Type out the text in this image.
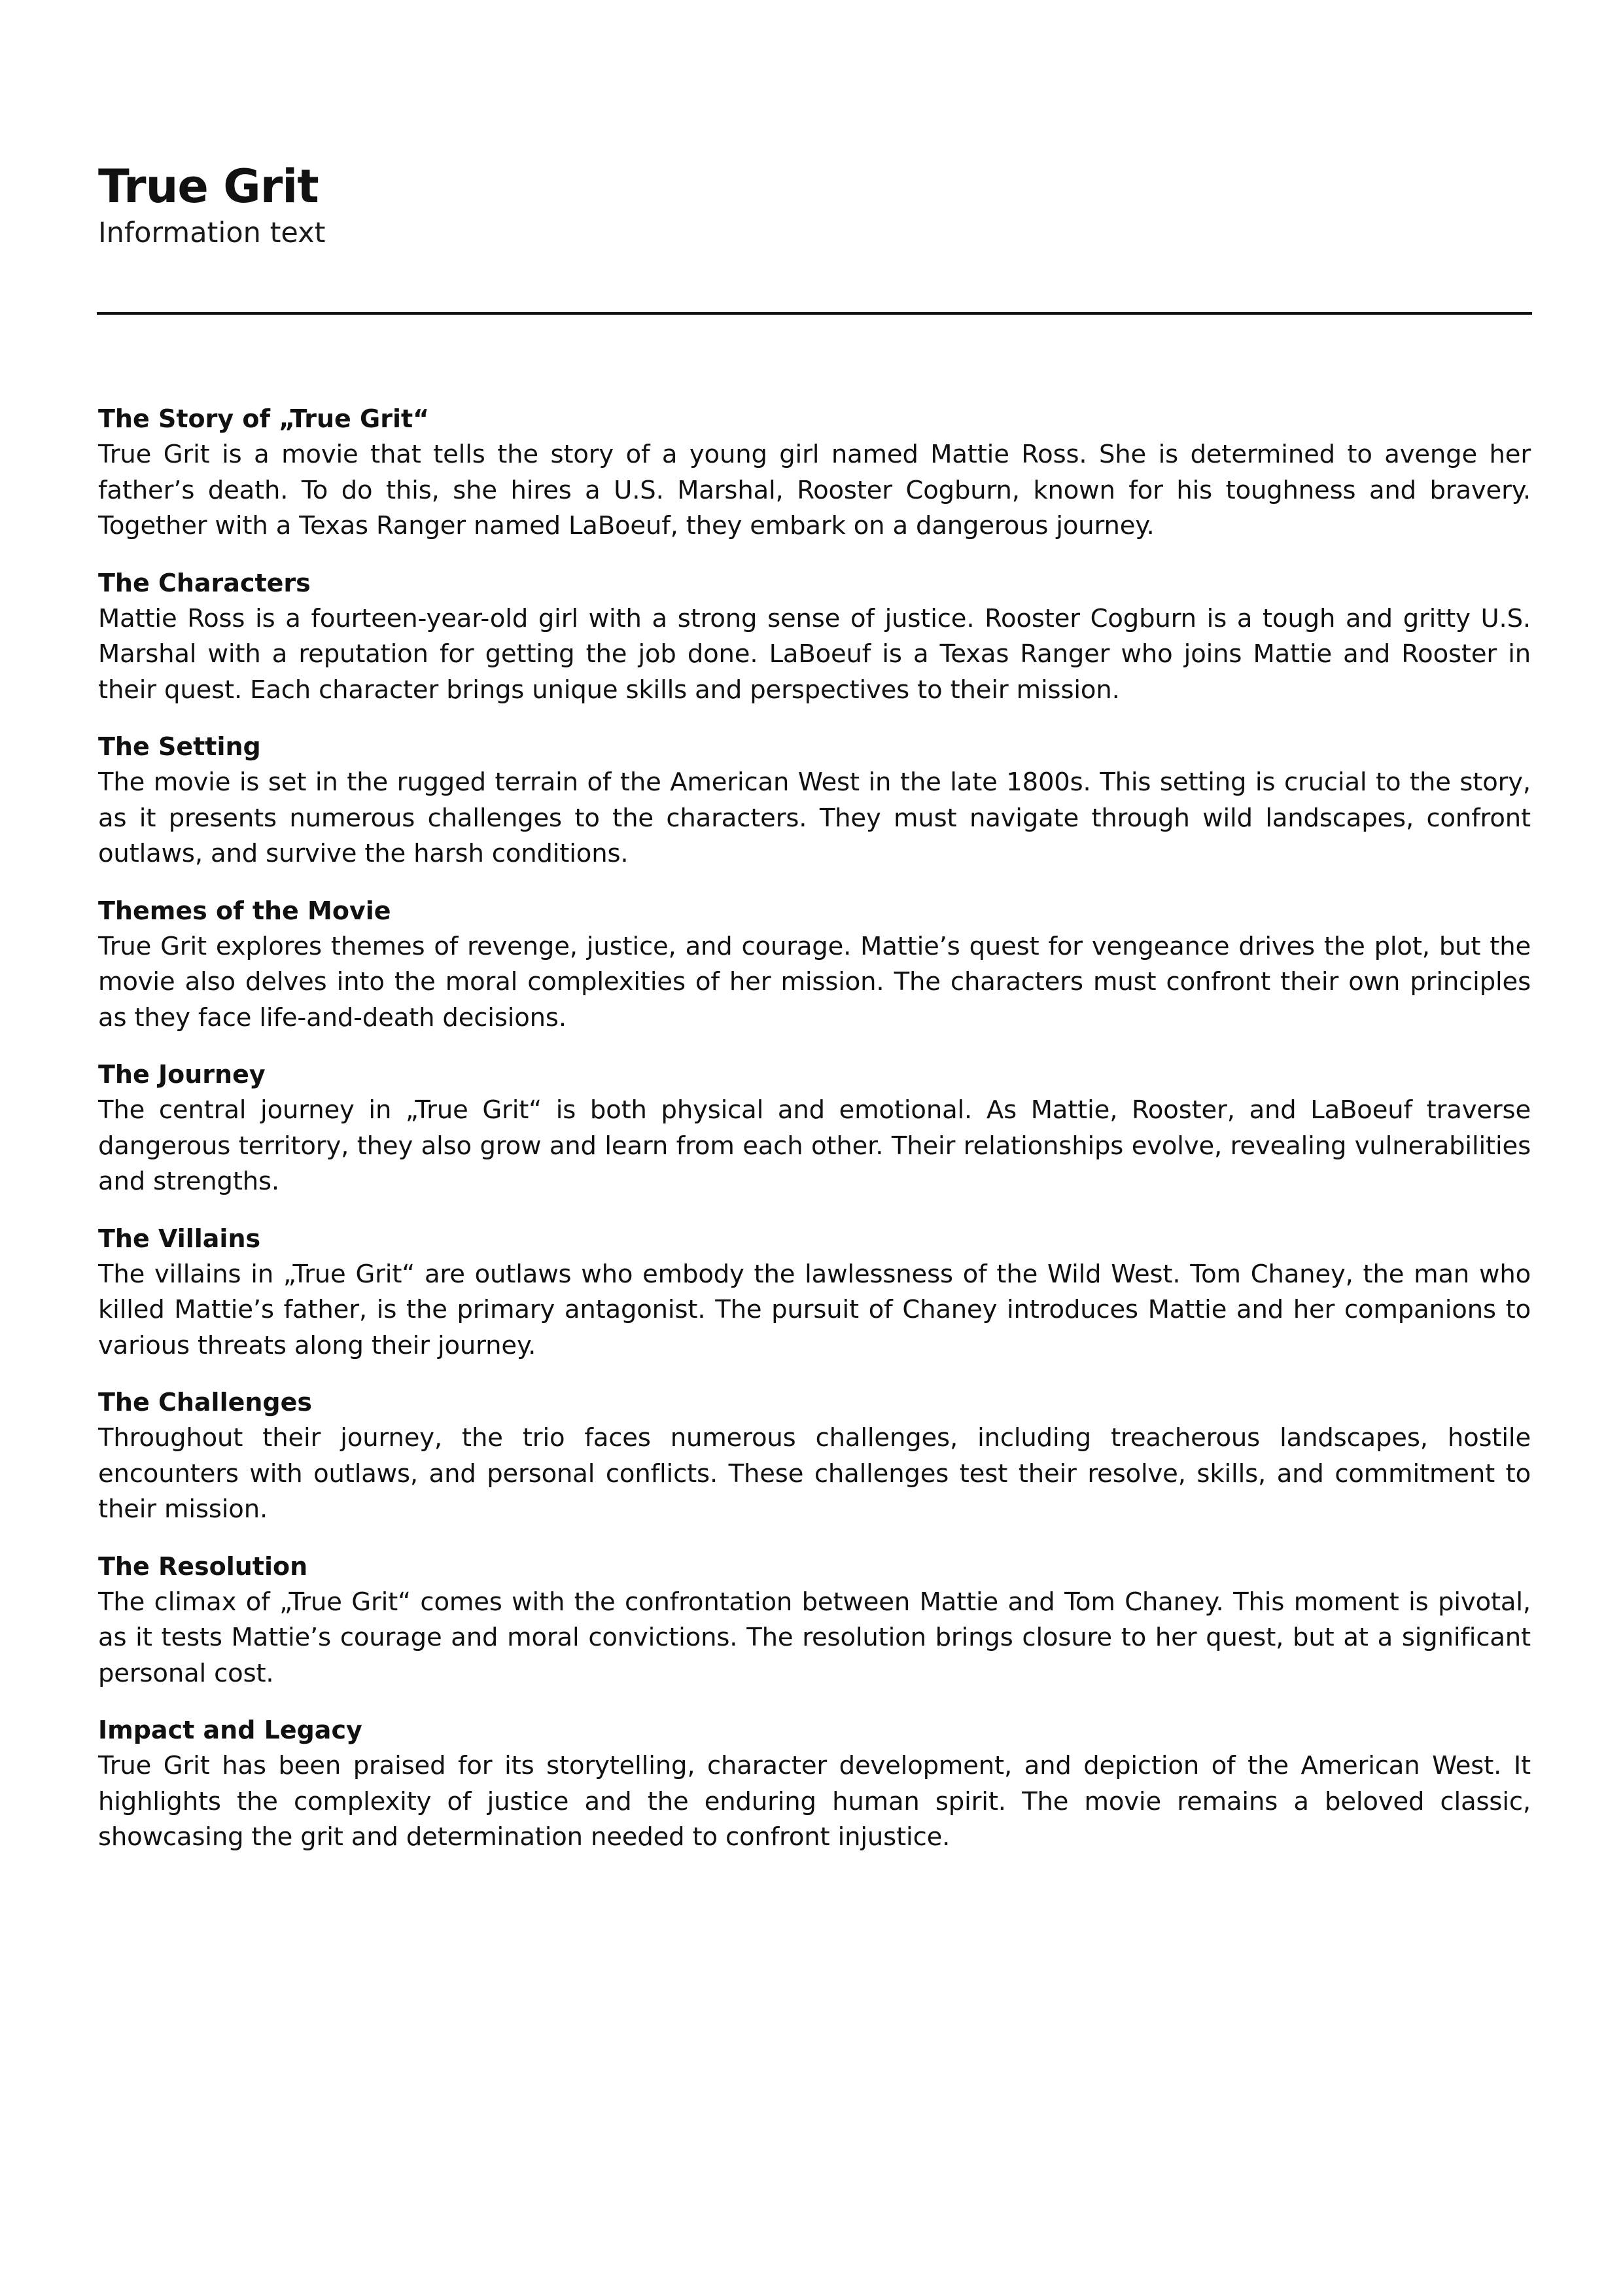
True Grit

Information text

The Story of „True Grit“

True Grit is a movie that tells the story of a young girl named Mattie Ross. She is determined to avenge her father’s death. To do this, she hires a U.S. Marshal, Rooster Cogburn, known for his toughness and bravery. Together with a Texas Ranger named LaBoeuf, they embark on a dangerous journey.

The Characters

Mattie Ross is a fourteen-year-old girl with a strong sense of justice. Rooster Cogburn is a tough and gritty U.S. Marshal with a reputation for getting the job done. LaBoeuf is a Texas Ranger who joins Mattie and Rooster in their quest. Each character brings unique skills and perspectives to their mission.

The Setting

The movie is set in the rugged terrain of the American West in the late 1800s. This setting is crucial to the story, as it presents numerous challenges to the characters. They must navigate through wild landscapes, confront outlaws, and survive the harsh conditions.

Themes of the Movie

True Grit explores themes of revenge, justice, and courage. Mattie’s quest for vengeance drives the plot, but the movie also delves into the moral complexities of her mission. The characters must confront their own principles as they face life-and-death decisions.

The Journey

The central journey in „True Grit“ is both physical and emotional. As Mattie, Rooster, and LaBoeuf traverse dangerous territory, they also grow and learn from each other. Their relationships evolve, revealing vulnerabilities and strengths.

The Villains

The villains in „True Grit“ are outlaws who embody the lawlessness of the Wild West. Tom Chaney, the man who killed Mattie’s father, is the primary antagonist. The pursuit of Chaney introduces Mattie and her companions to various threats along their journey.

The Challenges

Throughout their journey, the trio faces numerous challenges, including treacherous landscapes, hostile encounters with outlaws, and personal conflicts. These challenges test their resolve, skills, and commitment to their mission.

The Resolution

The climax of „True Grit“ comes with the confrontation between Mattie and Tom Chaney. This moment is pivotal, as it tests Mattie’s courage and moral convictions. The resolution brings closure to her quest, but at a significant personal cost.

Impact and Legacy

True Grit has been praised for its storytelling, character development, and depiction of the American West. It highlights the complexity of justice and the enduring human spirit. The movie remains a beloved classic, showcasing the grit and determination needed to confront injustice.
